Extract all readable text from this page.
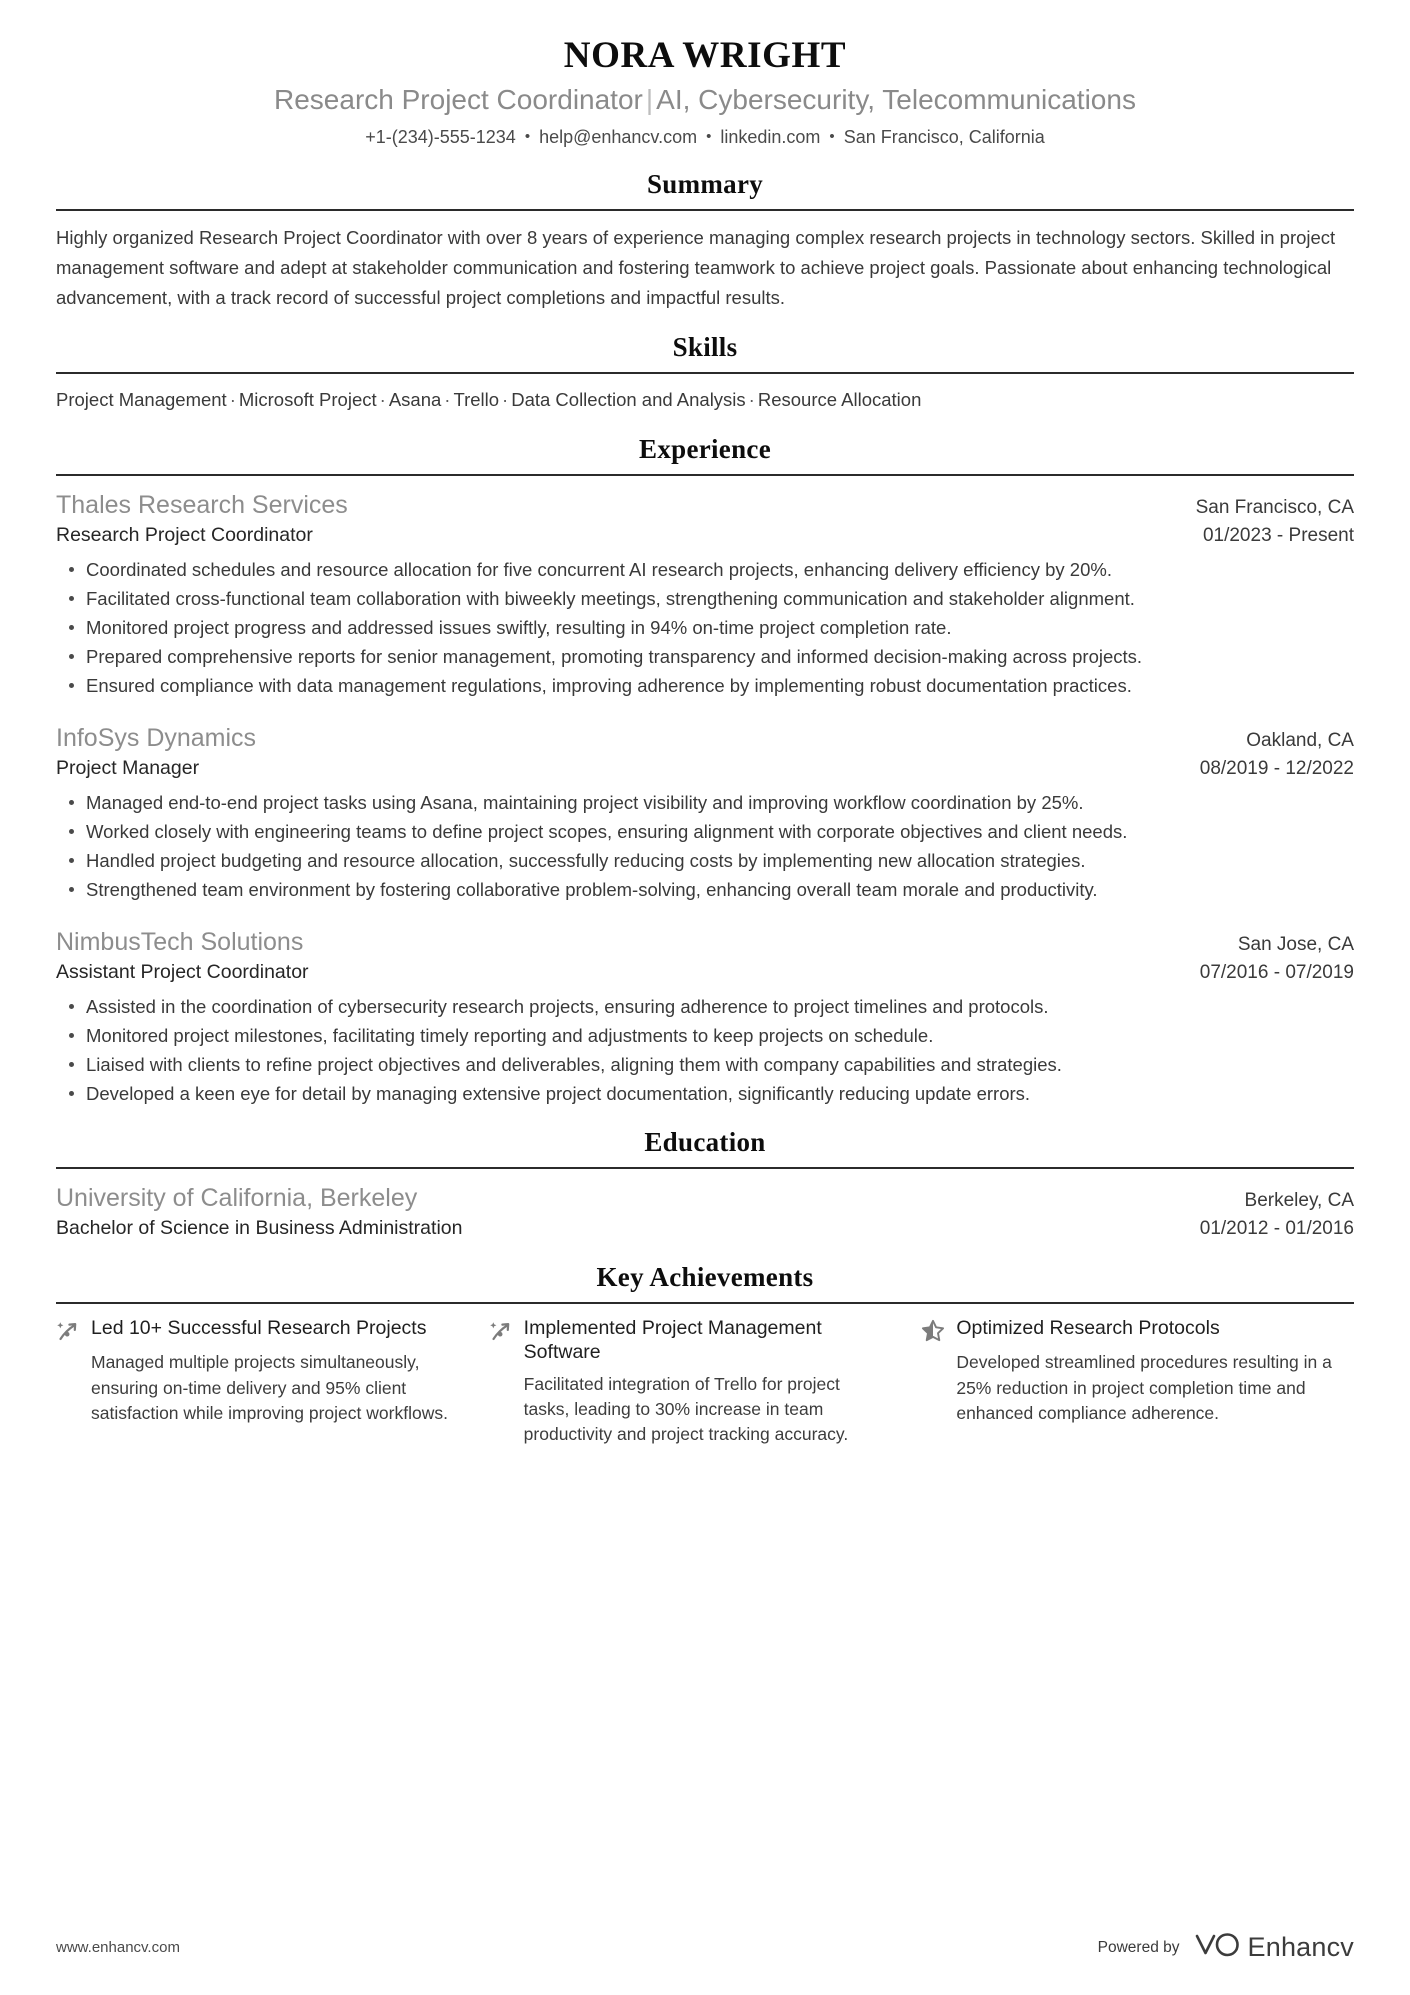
NORA WRIGHT
Research Project Coordinator | AI, Cybersecurity, Telecommunications
+1-(234)-555-1234 • help@enhancv.com • linkedin.com • San Francisco, California
Summary
Highly organized Research Project Coordinator with over 8 years of experience managing complex research projects in technology sectors. Skilled in project management software and adept at stakeholder communication and fostering teamwork to achieve project goals. Passionate about enhancing technological advancement, with a track record of successful project completions and impactful results.
Skills
Project Management · Microsoft Project · Asana · Trello · Data Collection and Analysis · Resource Allocation
Experience
Thales Research Services	San Francisco, CA
Research Project Coordinator	01/2023 - Present
Coordinated schedules and resource allocation for five concurrent AI research projects, enhancing delivery efficiency by 20%.
Facilitated cross-functional team collaboration with biweekly meetings, strengthening communication and stakeholder alignment.
Monitored project progress and addressed issues swiftly, resulting in 94% on-time project completion rate.
Prepared comprehensive reports for senior management, promoting transparency and informed decision-making across projects.
Ensured compliance with data management regulations, improving adherence by implementing robust documentation practices.
InfoSys Dynamics	Oakland, CA
Project Manager	08/2019 - 12/2022
Managed end-to-end project tasks using Asana, maintaining project visibility and improving workflow coordination by 25%.
Worked closely with engineering teams to define project scopes, ensuring alignment with corporate objectives and client needs.
Handled project budgeting and resource allocation, successfully reducing costs by implementing new allocation strategies.
Strengthened team environment by fostering collaborative problem-solving, enhancing overall team morale and productivity.
NimbusTech Solutions	San Jose, CA
Assistant Project Coordinator	07/2016 - 07/2019
Assisted in the coordination of cybersecurity research projects, ensuring adherence to project timelines and protocols.
Monitored project milestones, facilitating timely reporting and adjustments to keep projects on schedule.
Liaised with clients to refine project objectives and deliverables, aligning them with company capabilities and strategies.
Developed a keen eye for detail by managing extensive project documentation, significantly reducing update errors.
Education
University of California, Berkeley	Berkeley, CA
Bachelor of Science in Business Administration	01/2012 - 01/2016
Key Achievements
Led 10+ Successful Research Projects
Managed multiple projects simultaneously, ensuring on-time delivery and 95% client satisfaction while improving project workflows.
Implemented Project Management Software
Facilitated integration of Trello for project tasks, leading to 30% increase in team productivity and project tracking accuracy.
Optimized Research Protocols
Developed streamlined procedures resulting in a 25% reduction in project completion time and enhanced compliance adherence.
www.enhancv.com	Powered by	Enhancv
